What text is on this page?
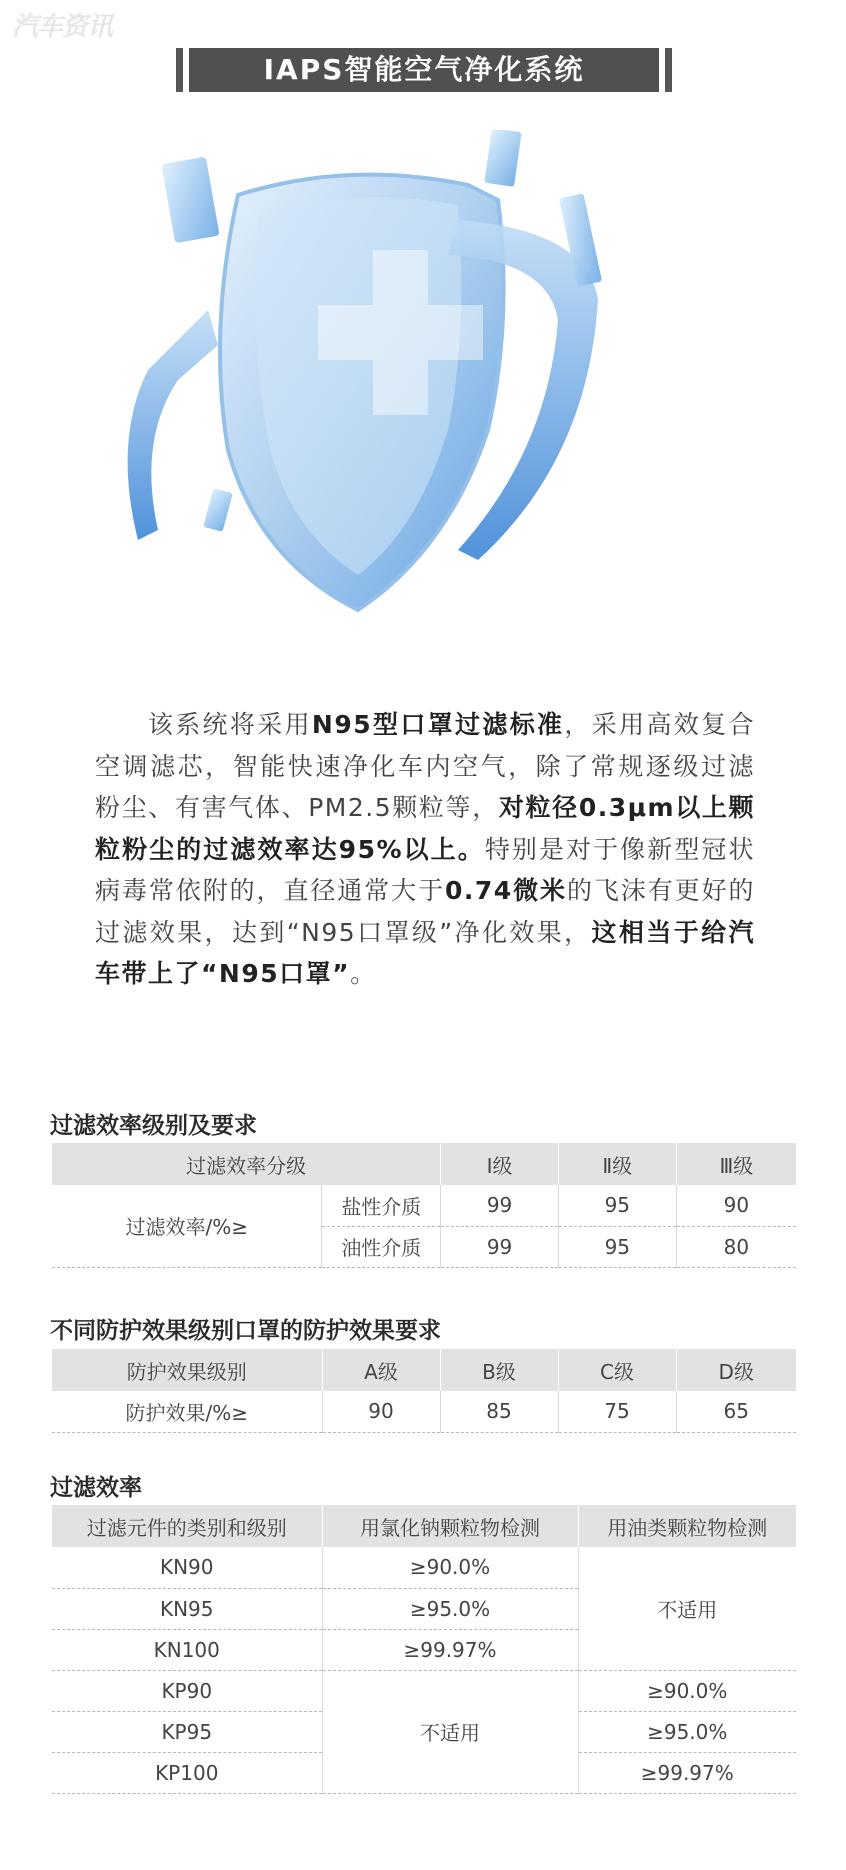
汽车资讯
IAPS智能空气净化系统
该系统将采用N95型口罩过滤标准，采用高效复合空调滤芯，智能快速净化车内空气，除了常规逐级过滤粉尘、有害气体、PM2.5颗粒等，对粒径0.3μm以上颗粒粉尘的过滤效率达95%以上。特别是对于像新型冠状病毒常依附的，直径通常大于0.74微米的飞沫有更好的过滤效果，达到“N95口罩级”净化效果，这相当于给汽车带上了“N95口罩”。
过滤效率级别及要求
过滤效率分级		Ⅰ级	Ⅱ级	Ⅲ级
过滤效率/%≥	盐性介质	99	95	90
	油性介质	99	95	80
不同防护效果级别口罩的防护效果要求
防护效果级别	A级	B级	C级	D级
防护效果/%≥	90	85	75	65
过滤效率
过滤元件的类别和级别	用氯化钠颗粒物检测	用油类颗粒物检测
KN90	≥90.0%	不适用
KN95	≥95.0%	
KN100	≥99.97%	
KP90	不适用	≥90.0%
KP95		≥95.0%
KP100		≥99.97%
